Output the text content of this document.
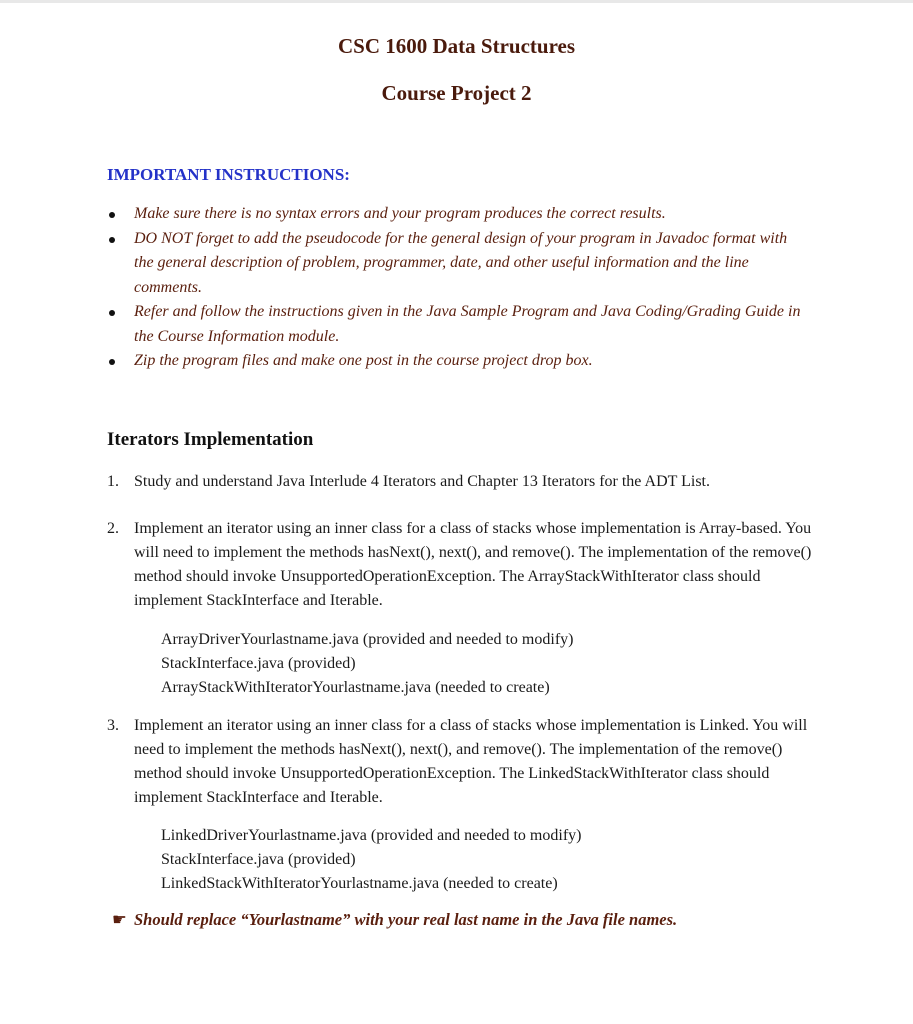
CSC 1600 Data Structures
Course Project 2
IMPORTANT INSTRUCTIONS:
Make sure there is no syntax errors and your program produces the correct results.
DO NOT forget to add the pseudocode for the general design of your program in Javadoc format with the general description of problem, programmer, date, and other useful information and the line comments.
Refer and follow the instructions given in the Java Sample Program and Java Coding/Grading Guide in the Course Information module.
Zip the program files and make one post in the course project drop box.
Iterators Implementation
1. Study and understand Java Interlude 4 Iterators and Chapter 13 Iterators for the ADT List.
2. Implement an iterator using an inner class for a class of stacks whose implementation is Array-based. You will need to implement the methods hasNext(), next(), and remove(). The implementation of the remove() method should invoke UnsupportedOperationException. The ArrayStackWithIterator class should implement StackInterface and Iterable.
ArrayDriverYourlastname.java (provided and needed to modify)
StackInterface.java (provided)
ArrayStackWithIteratorYourlastname.java (needed to create)
3. Implement an iterator using an inner class for a class of stacks whose implementation is Linked. You will need to implement the methods hasNext(), next(), and remove(). The implementation of the remove() method should invoke UnsupportedOperationException. The LinkedStackWithIterator class should implement StackInterface and Iterable.
LinkedDriverYourlastname.java (provided and needed to modify)
StackInterface.java (provided)
LinkedStackWithIteratorYourlastname.java (needed to create)
☛ Should replace “Yourlastname” with your real last name in the Java file names.
